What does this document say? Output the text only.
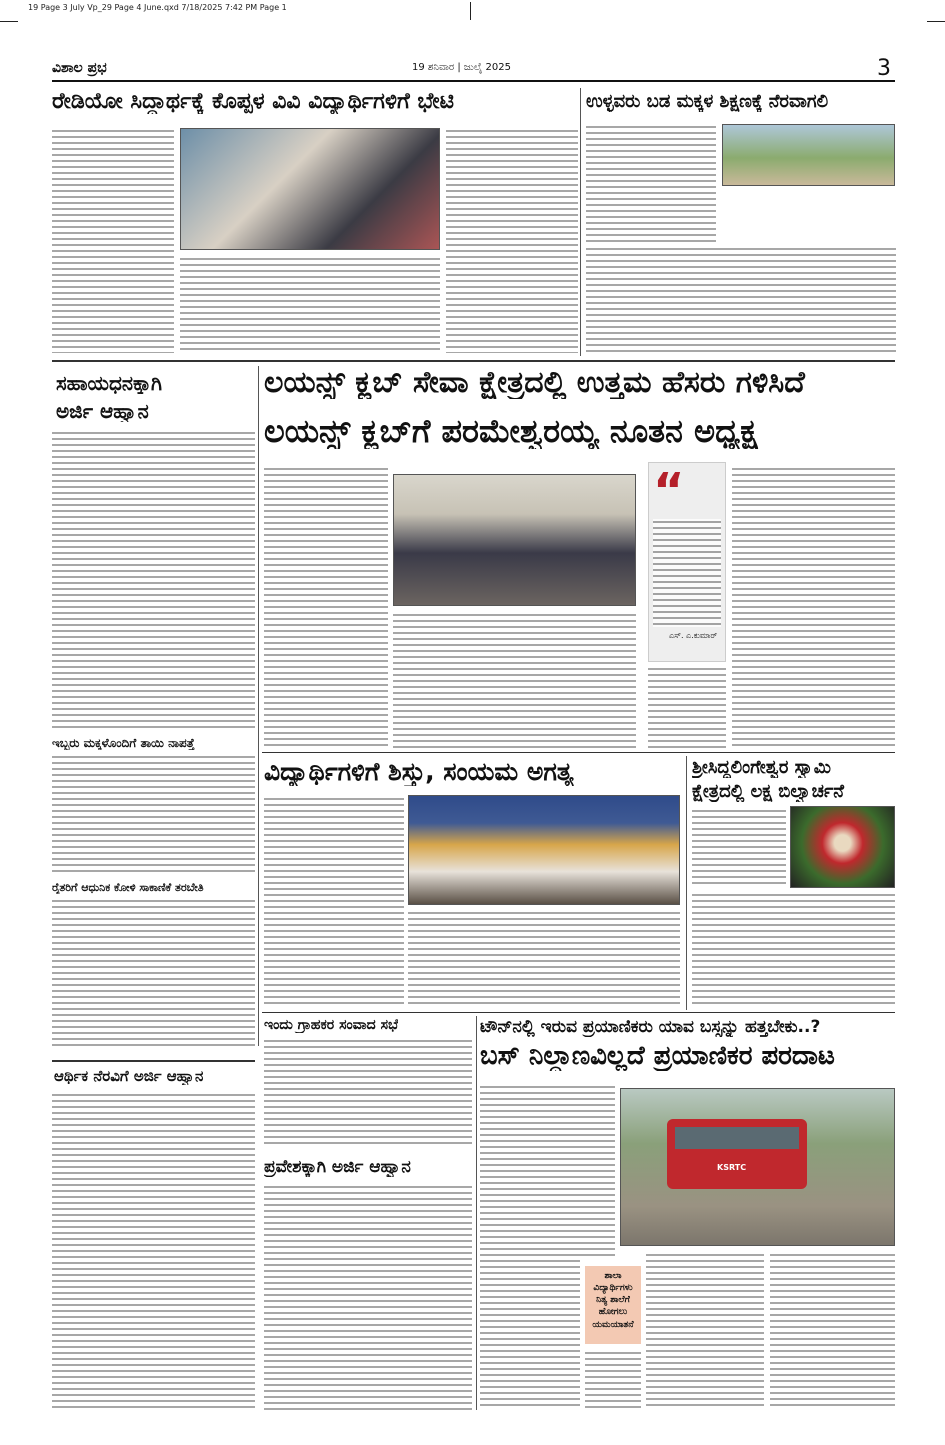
19 Page 3 July Vp_29 Page 4 June.qxd 7/18/2025 7:42 PM Page 1
ವಿಶಾಲ ಪ್ರಭ	19 ಶನಿವಾರ | ಜುಲೈ 2025	3
ರೇಡಿಯೋ ಸಿದ್ಧಾರ್ಥಕ್ಕೆ ಕೊಪ್ಪಳ ವಿವಿ ವಿದ್ಯಾರ್ಥಿಗಳಿಗೆ ಭೇಟಿ	ಉಳ್ಳವರು ಬಡ ಮಕ್ಕಳ ಶಿಕ್ಷಣಕ್ಕೆ ನೆರವಾಗಲಿ
ಸಹಾಯಧನಕ್ಕಾಗಿ
ಅರ್ಜಿ ಆಹ್ವಾನ
ಇಬ್ಬರು ಮಕ್ಕಳೊಂದಿಗೆ ತಾಯಿ ನಾಪತ್ತೆ
ರೈತರಿಗೆ ಆಧುನಿಕ ಕೋಳಿ ಸಾಕಾಣಿಕೆ ತರಬೇತಿ
ಲಯನ್ಸ್ ಕ್ಲಬ್ ಸೇವಾ ಕ್ಷೇತ್ರದಲ್ಲಿ ಉತ್ತಮ ಹೆಸರು ಗಳಿಸಿದೆ
ಲಯನ್ಸ್ ಕ್ಲಬ್‌ಗೆ ಪರಮೇಶ್ವರಯ್ಯ ನೂತನ ಅಧ್ಯಕ್ಷ
“
ಎಸ್. ಎ.ಕುಮಾರ್
ವಿದ್ಯಾರ್ಥಿಗಳಿಗೆ ಶಿಸ್ತು, ಸಂಯಮ ಅಗತ್ಯ	ಶ್ರೀಸಿದ್ದಲಿಂಗೇಶ್ವರ ಸ್ವಾಮಿ
ಕ್ಷೇತ್ರದಲ್ಲಿ ಲಕ್ಷ ಬಿಲ್ವಾರ್ಚನೆ
ಇಂದು ಗ್ರಾಹಕರ ಸಂವಾದ ಸಭೆ
ಪ್ರವೇಶಕ್ಕಾಗಿ ಅರ್ಜಿ ಆಹ್ವಾನ
ಆರ್ಥಿಕ ನೆರವಿಗೆ ಅರ್ಜಿ ಆಹ್ವಾನ
ಟೌನ್‌ನಲ್ಲಿ ಇರುವ ಪ್ರಯಾಣಿಕರು ಯಾವ ಬಸ್ಸನ್ನು ಹತ್ತಬೇಕು..?
ಬಸ್ ನಿಲ್ದಾಣವಿಲ್ಲದೆ ಪ್ರಯಾಣಿಕರ ಪರದಾಟ
KSRTC
ಶಾಲಾ ವಿದ್ಯಾರ್ಥಿಗಳು ನಿತ್ಯ ಶಾಲೆಗೆ ಹೋಗಲು ಯಮಯಾತನೆ
